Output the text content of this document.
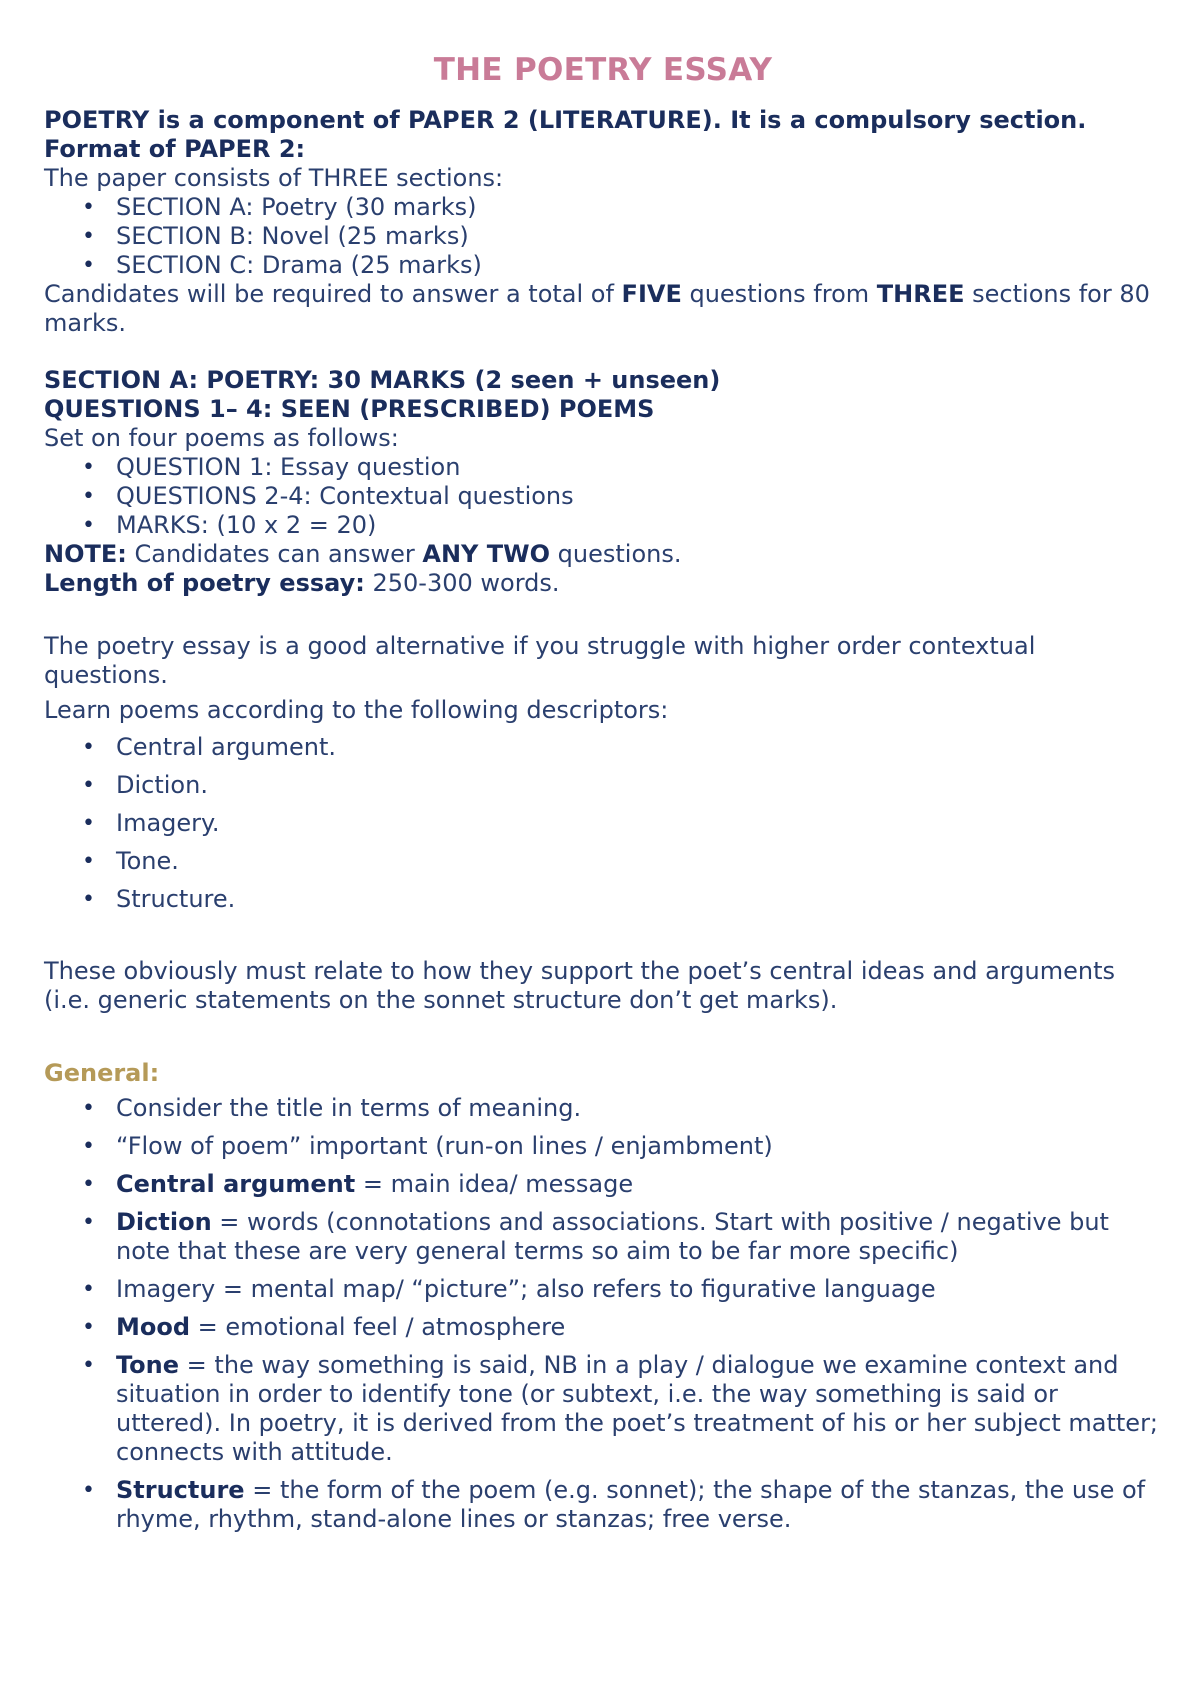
THE POETRY ESSAY

POETRY is a component of PAPER 2 (LITERATURE). It is a compulsory section.

Format of PAPER 2:

The paper consists of THREE sections:

• SECTION A: Poetry (30 marks)
• SECTION B: Novel (25 marks)
• SECTION C: Drama (25 marks)

Candidates will be required to answer a total of FIVE questions from THREE sections for 80 marks.

SECTION A: POETRY: 30 MARKS (2 seen + unseen)

QUESTIONS 1– 4: SEEN (PRESCRIBED) POEMS

Set on four poems as follows:

• QUESTION 1: Essay question
• QUESTIONS 2-4: Contextual questions
• MARKS: (10 x 2 = 20)

NOTE: Candidates can answer ANY TWO questions.

Length of poetry essay: 250-300 words.

The poetry essay is a good alternative if you struggle with higher order contextual questions.

Learn poems according to the following descriptors:

• Central argument.
• Diction.
• Imagery.
• Tone.
• Structure.

These obviously must relate to how they support the poet’s central ideas and arguments (i.e. generic statements on the sonnet structure don’t get marks).

General:

• Consider the title in terms of meaning.
• “Flow of poem” important (run-on lines / enjambment)
• Central argument = main idea/ message
• Diction = words (connotations and associations. Start with positive / negative but note that these are very general terms so aim to be far more specific)
• Imagery = mental map/ “picture”; also refers to figurative language
• Mood = emotional feel / atmosphere
• Tone = the way something is said, NB in a play / dialogue we examine context and situation in order to identify tone (or subtext, i.e. the way something is said or uttered). In poetry, it is derived from the poet’s treatment of his or her subject matter; connects with attitude.
• Structure = the form of the poem (e.g. sonnet); the shape of the stanzas, the use of rhyme, rhythm, stand-alone lines or stanzas; free verse.
